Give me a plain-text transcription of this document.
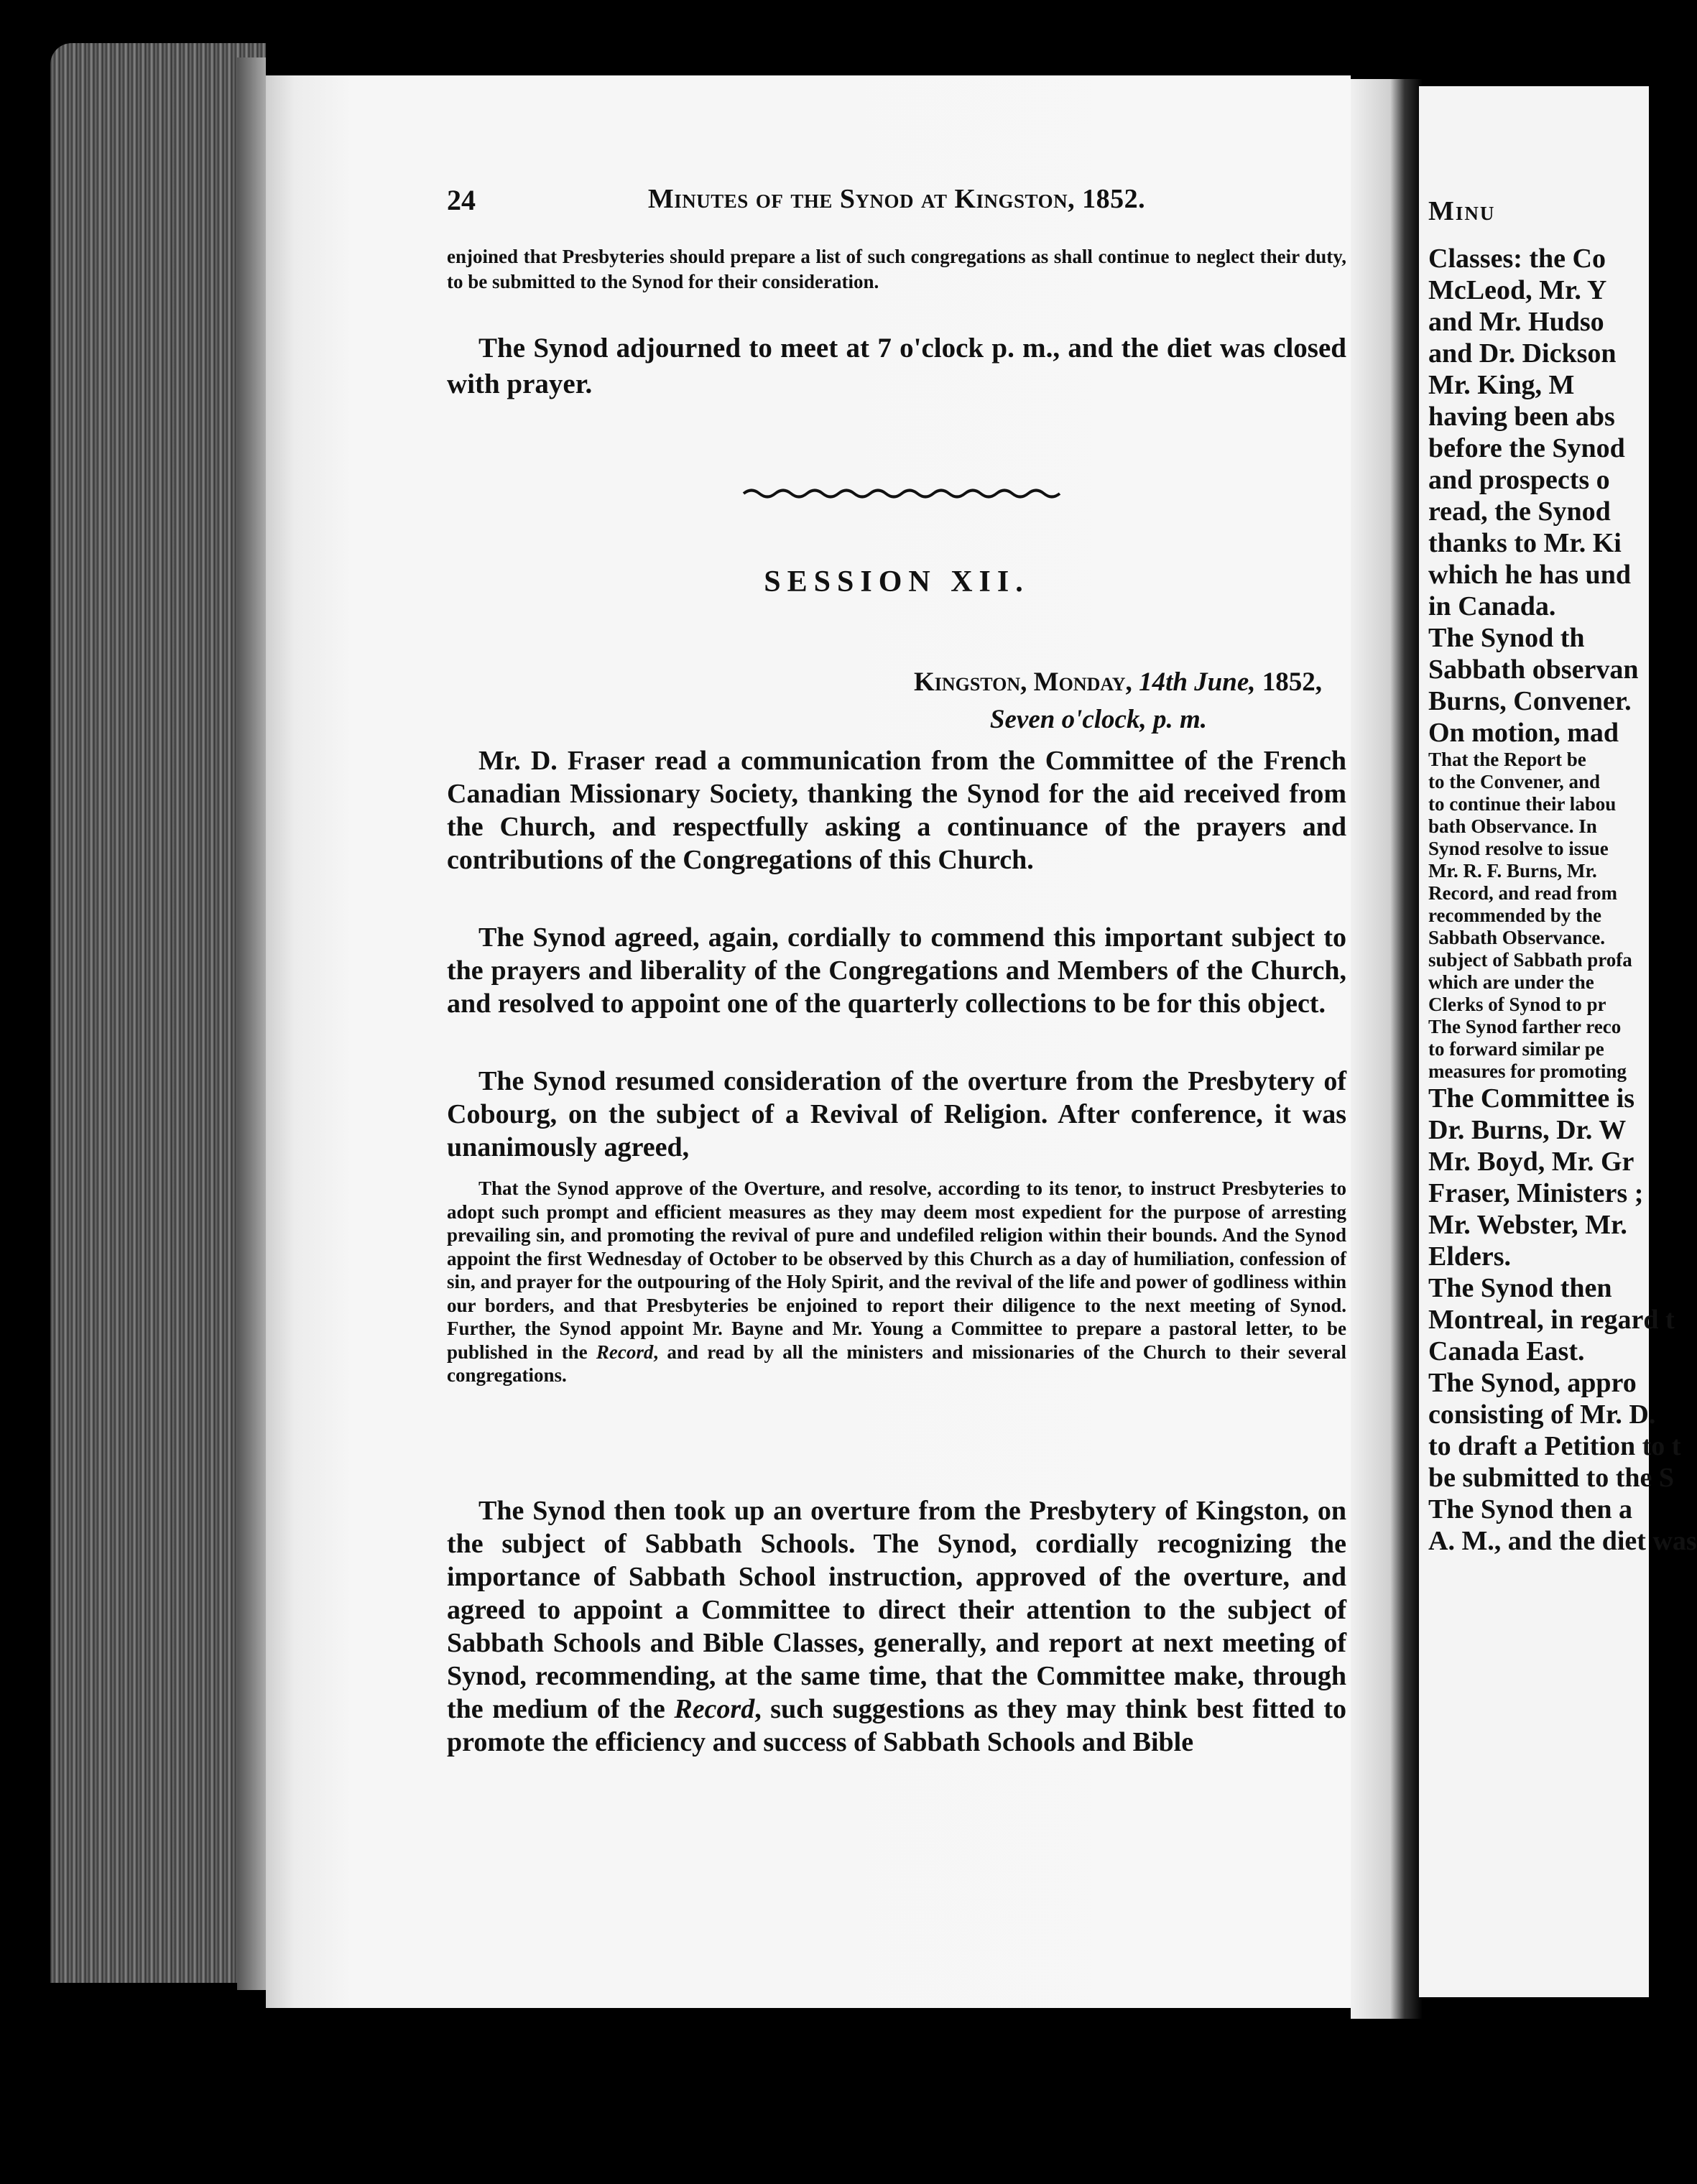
24	Minutes of the Synod at Kingston, 1852.

enjoined that Presbyteries should prepare a list of such congregations as shall continue to neglect their duty, to be submitted to the Synod for their consideration.

The Synod adjourned to meet at 7 o'clock p. m., and the diet was closed with prayer.

SESSION XII.
Kingston, Monday, 14th June, 1852,
Seven o'clock, p. m.

Mr. D. Fraser read a communication from the Committee of the French Canadian Missionary Society, thanking the Synod for the aid received from the Church, and respectfully asking a continuance of the prayers and contributions of the Congregations of this Church.

The Synod agreed, again, cordially to commend this important subject to the prayers and liberality of the Congregations and Members of the Church, and resolved to appoint one of the quarterly collections to be for this object.

The Synod resumed consideration of the overture from the Presbytery of Cobourg, on the subject of a Revival of Religion. After conference, it was unanimously agreed,

That the Synod approve of the Overture, and resolve, according to its tenor, to instruct Presbyteries to adopt such prompt and efficient measures as they may deem most expedient for the purpose of arresting prevailing sin, and promoting the revival of pure and undefiled religion within their bounds. And the Synod appoint the first Wednesday of October to be observed by this Church as a day of humiliation, confession of sin, and prayer for the outpouring of the Holy Spirit, and the revival of the life and power of godliness within our borders, and that Presbyteries be enjoined to report their diligence to the next meeting of Synod. Further, the Synod appoint Mr. Bayne and Mr. Young a Committee to prepare a pastoral letter, to be published in the Record, and read by all the ministers and missionaries of the Church to their several congregations.

The Synod then took up an overture from the Presbytery of Kingston, on the subject of Sabbath Schools. The Synod, cordially recognizing the importance of Sabbath School instruction, approved of the overture, and agreed to appoint a Committee to direct their attention to the subject of Sabbath Schools and Bible Classes, generally, and report at next meeting of Synod, recommending, at the same time, that the Committee make, through the medium of the Record, such suggestions as they may think best fitted to promote the efficiency and success of Sabbath Schools and Bible

Minu
Classes: the Co
McLeod, Mr. Y
and Mr. Hudso
and Dr. Dickson
Mr. King, M
having been abs
before the Synod
and prospects o
read, the Synod
thanks to Mr. Ki
which he has und
in Canada.
The Synod th
Sabbath observan
Burns, Convener.
On motion, mad
That the Report be
to the Convener, and
to continue their labou
bath Observance. In
Synod resolve to issue
Mr. R. F. Burns, Mr.
Record, and read from
recommended by the
Sabbath Observance.
subject of Sabbath profa
which are under the
Clerks of Synod to pr
The Synod farther reco
to forward similar pe
measures for promoting
The Committee is
Dr. Burns, Dr. W
Mr. Boyd, Mr. Gr
Fraser, Ministers ;
Mr. Webster, Mr.
Elders.
The Synod then
Montreal, in regard t
Canada East.
The Synod, appro
consisting of Mr. D.
to draft a Petition to t
be submitted to the S
The Synod then a
A. M., and the diet was
